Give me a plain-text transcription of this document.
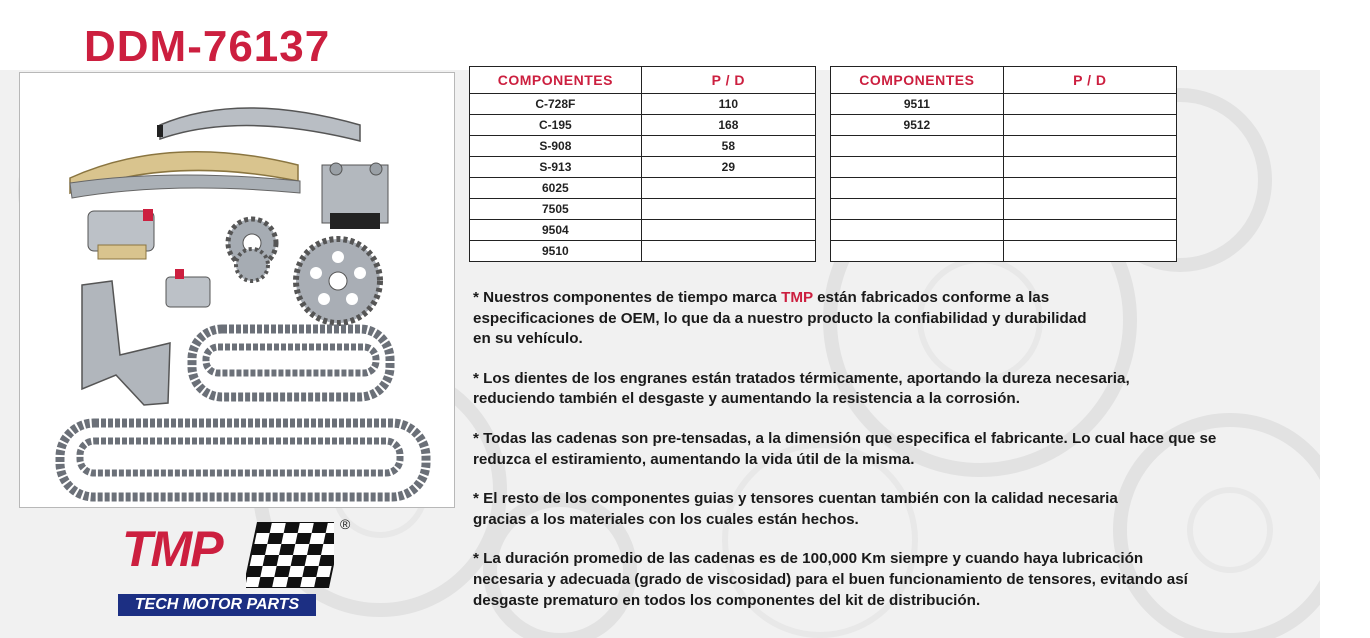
DDM-76137
COMPONENTES	P / D
C-728F	110
C-195	168
S-908	58
S-913	29
6025	
7505	
9504	
9510	
COMPONENTES	P / D
9511	
9512	

* Nuestros componentes de tiempo marca TMP están fabricados conforme a las
especificaciones de OEM, lo que da a nuestro producto la confiabilidad y durabilidad
en su vehículo.

* Los dientes de los engranes están tratados térmicamente, aportando la dureza necesaria,
reduciendo también el desgaste y aumentando la resistencia a la corrosión.

* Todas las cadenas son pre-tensadas, a la dimensión que especifica el fabricante. Lo cual hace que se
reduzca el estiramiento, aumentando la vida útil de la misma.

* El resto de los componentes guias y tensores cuentan también con la calidad necesaria
gracias a los materiales con los cuales están hechos.

* La duración promedio de las cadenas es de 100,000 Km siempre y cuando haya lubricación
necesaria y adecuada (grado de viscosidad) para el buen funcionamiento de tensores, evitando así
desgaste prematuro en todos los componentes del kit de distribución.

TMP	®
TECH MOTOR PARTS
